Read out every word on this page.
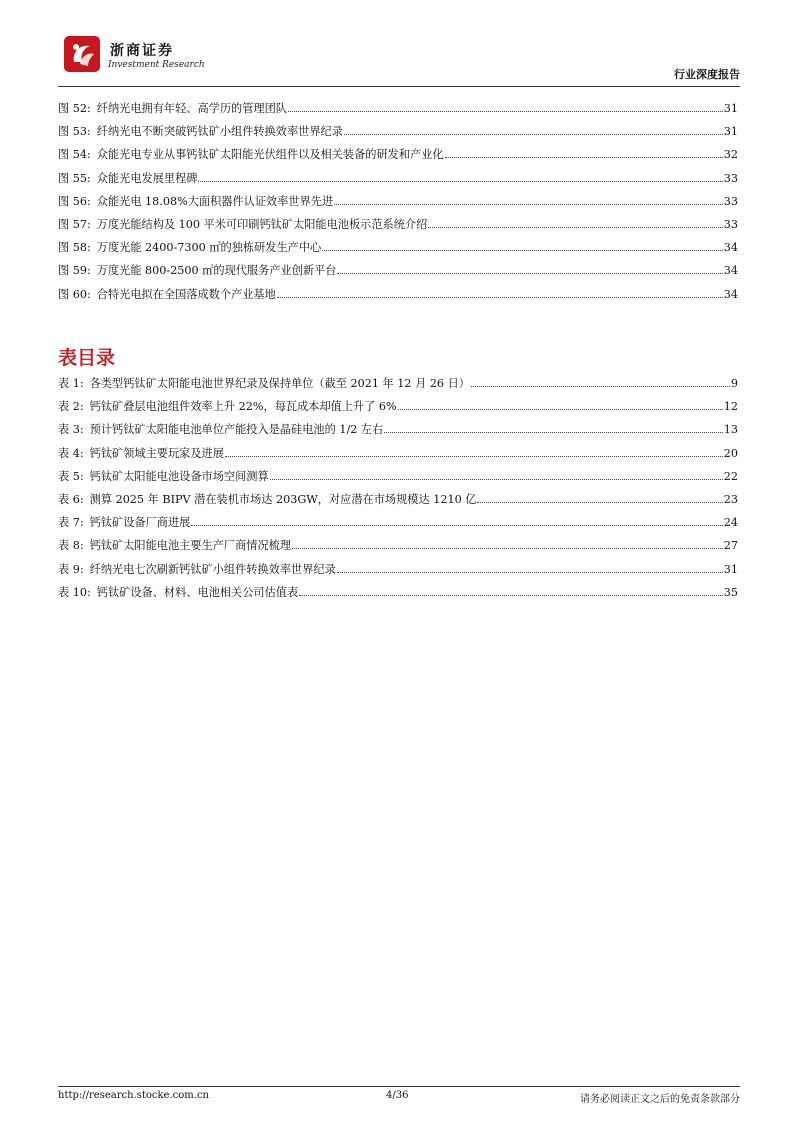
浙商证券
Investment Research
行业深度报告
图 52: 纤纳光电拥有年轻、高学历的管理团队	31
图 53: 纤纳光电不断突破钙钛矿小组件转换效率世界纪录	31
图 54: 众能光电专业从事钙钛矿太阳能光伏组件以及相关装备的研发和产业化	32
图 55: 众能光电发展里程碑	33
图 56: 众能光电 18.08%大面积器件认证效率世界先进	33
图 57: 万度光能结构及 100 平米可印刷钙钛矿太阳能电池板示范系统介绍	33
图 58: 万度光能 2400-7300 ㎡的独栋研发生产中心	34
图 59: 万度光能 800-2500 ㎡的现代服务产业创新平台	34
图 60: 合特光电拟在全国落成数个产业基地	34
表目录
表 1: 各类型钙钛矿太阳能电池世界纪录及保持单位（截至 2021 年 12 月 26 日）	9
表 2: 钙钛矿叠层电池组件效率上升 22%，每瓦成本却值上升了 6%	12
表 3: 预计钙钛矿太阳能电池单位产能投入是晶硅电池的 1/2 左右	13
表 4: 钙钛矿领域主要玩家及进展	20
表 5: 钙钛矿太阳能电池设备市场空间测算	22
表 6: 测算 2025 年 BIPV 潜在装机市场达 203GW，对应潜在市场规模达 1210 亿	23
表 7: 钙钛矿设备厂商进展	24
表 8: 钙钛矿太阳能电池主要生产厂商情况梳理	27
表 9: 纤纳光电七次刷新钙钛矿小组件转换效率世界纪录	31
表 10: 钙钛矿设备、材料、电池相关公司估值表	35
http://research.stocke.com.cn	4/36	请务必阅读正文之后的免责条款部分
